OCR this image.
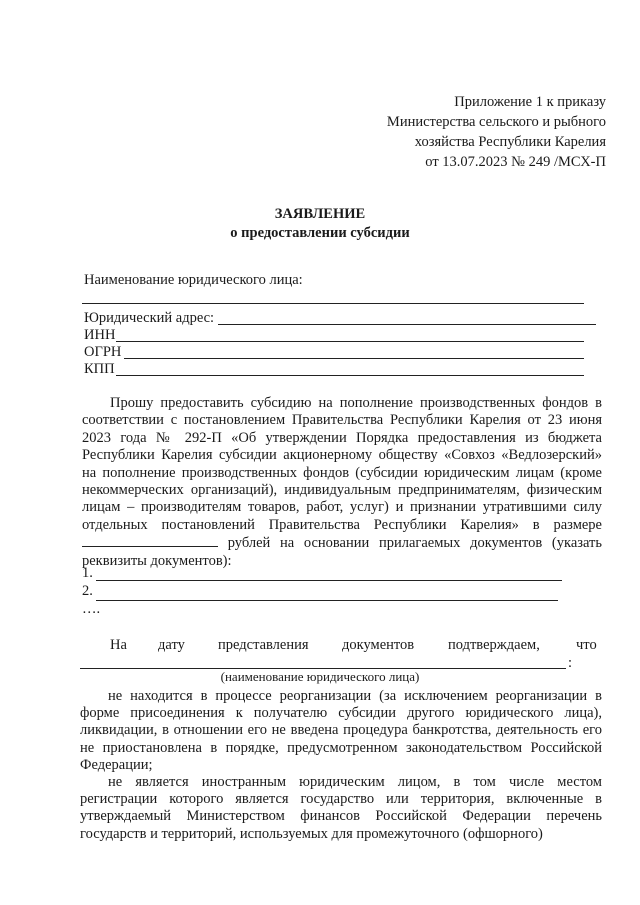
Приложение 1 к приказу
Министерства сельского и рыбного
хозяйства Республики Карелия
от 13.07.2023 № 249 /МСХ-П
ЗАЯВЛЕНИЕ
о предоставлении субсидии
Наименование юридического лица:
Юридический адрес:
ИНН
ОГРН
КПП
Прошу предоставить субсидию на пополнение производственных фондов в соответствии с постановлением Правительства Республики Карелия от 23 июня 2023 года № 292-П «Об утверждении Порядка предоставления из бюджета Республики Карелия субсидии акционерному обществу «Совхоз «Ведлозерский» на пополнение производственных фондов (субсидии юридическим лицам (кроме некоммерческих организаций), индивидуальным предпринимателям, физическим лицам – производителям товаров, работ, услуг) и признании утратившими силу отдельных постановлений Правительства Республики Карелия» в размере  рублей на основании прилагаемых документов (указать реквизиты документов):
1.
2.
….
На дату представления документов подтверждаем, что
:
(наименование юридического лица)

не находится в процессе реорганизации (за исключением реорганизации в форме присоединения к получателю субсидии другого юридического лица), ликвидации, в отношении его не введена процедура банкротства, деятельность его не приостановлена в порядке, предусмотренном законодательством Российской Федерации;

не является иностранным юридическим лицом, в том числе местом регистрации которого является государство или территория, включенные в утверждаемый Министерством финансов Российской Федерации перечень государств и территорий, используемых для промежуточного (офшорного)
